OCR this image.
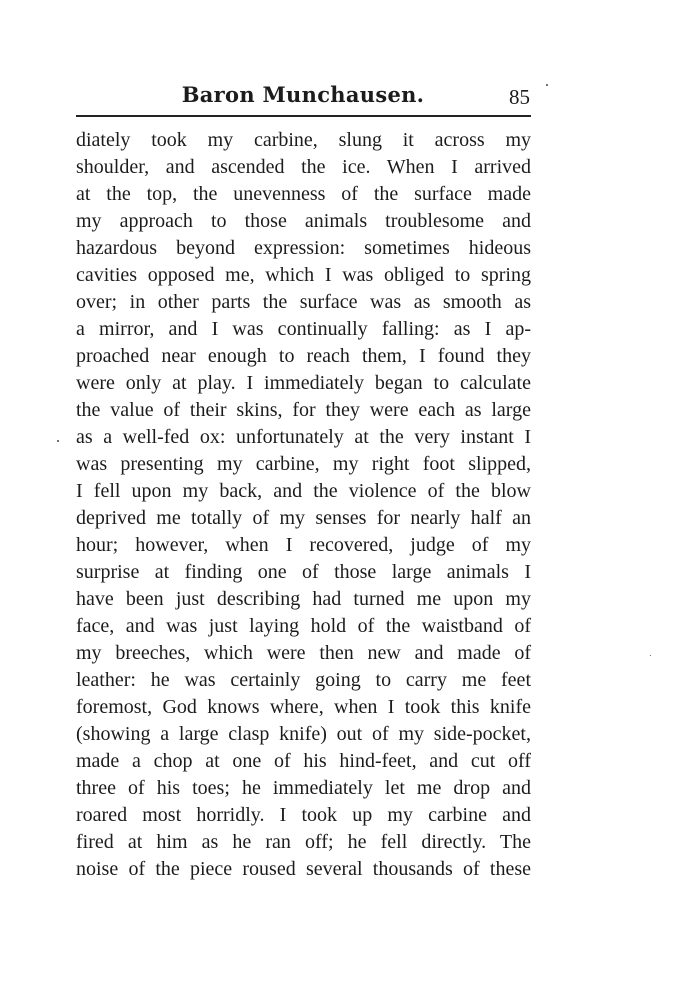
Baron Munchausen.	85
diately took my carbine, slung it across my
shoulder, and ascended the ice. When I arrived
at the top, the unevenness of the surface made
my approach to those animals troublesome and
hazardous beyond expression: sometimes hideous
cavities opposed me, which I was obliged to spring
over; in other parts the surface was as smooth as
a mirror, and I was continually falling: as I ap-
proached near enough to reach them, I found they
were only at play. I immediately began to calculate
the value of their skins, for they were each as large
as a well-fed ox: unfortunately at the very instant I
was presenting my carbine, my right foot slipped,
I fell upon my back, and the violence of the blow
deprived me totally of my senses for nearly half an
hour; however, when I recovered, judge of my
surprise at finding one of those large animals I
have been just describing had turned me upon my
face, and was just laying hold of the waistband of
my breeches, which were then new and made of
leather: he was certainly going to carry me feet
foremost, God knows where, when I took this knife
(showing a large clasp knife) out of my side-pocket,
made a chop at one of his hind-feet, and cut off
three of his toes; he immediately let me drop and
roared most horridly. I took up my carbine and
fired at him as he ran off; he fell directly. The
noise of the piece roused several thousands of these
